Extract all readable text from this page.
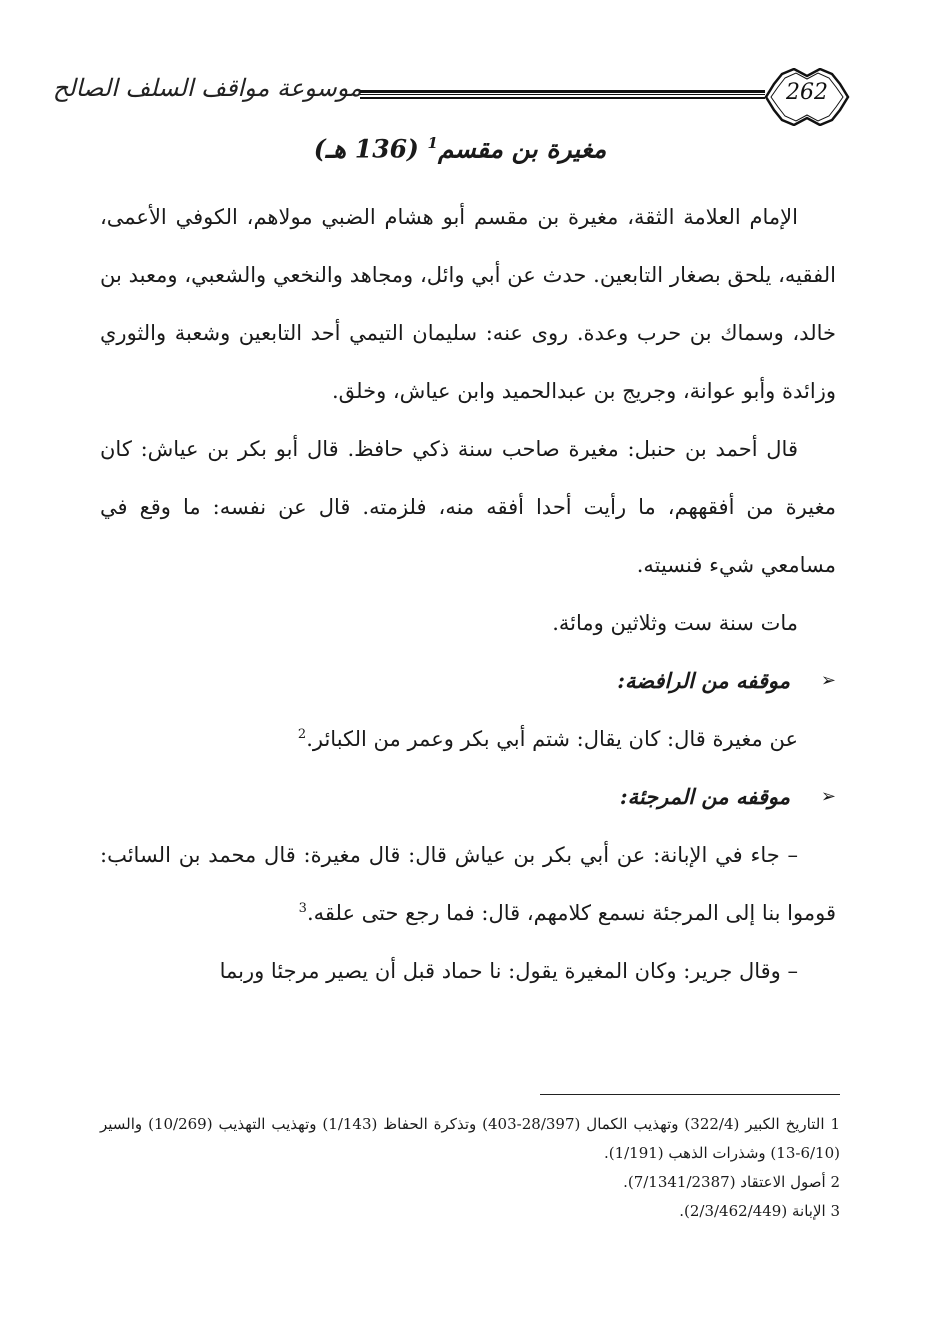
موسوعة مواقف السلف الصالح	262
مغيرة بن مقسم$^1$ (136 هـ)

الإمام العلامة الثقة، مغيرة بن مقسم أبو هشام الضبي مولاهم، الكوفي الأعمى، الفقيه، يلحق بصغار التابعين. حدث عن أبي وائل، ومجاهد والنخعي والشعبي، ومعبد بن خالد، وسماك بن حرب وعدة. روى عنه: سليمان التيمي أحد التابعين وشعبة والثوري وزائدة وأبو عوانة، وجريج بن عبدالحميد وابن عياش، وخلق.

قال أحمد بن حنبل: مغيرة صاحب سنة ذكي حافظ. قال أبو بكر بن عياش: كان مغيرة من أفقههم، ما رأيت أحدا أفقه منه، فلزمته. قال عن نفسه: ما وقع في مسامعي شيء فنسيته.

مات سنة ست وثلاثين ومائة.

➢
موقفه من الرافضة:

عن مغيرة قال: كان يقال: شتم أبي بكر وعمر من الكبائر.$^2$

➢
موقفه من المرجئة:

– جاء في الإبانة: عن أبي بكر بن عياش قال: قال مغيرة: قال محمد بن السائب: قوموا بنا إلى المرجئة نسمع كلامهم، قال: فما رجع حتى علقه.$^3$

– وقال جرير: وكان المغيرة يقول: نا حماد قبل أن يصير مرجئا وربما

1 التاريخ الكبير (322/4) وتهذيب الكمال (28/397-403) وتذكرة الحفاظ (1/143) وتهذيب التهذيب (10/269) والسير (6/10-13) وشذرات الذهب (1/191).

2 أصول الاعتقاد (7/1341/2387).

3 الإبانة (2/3/462/449).
